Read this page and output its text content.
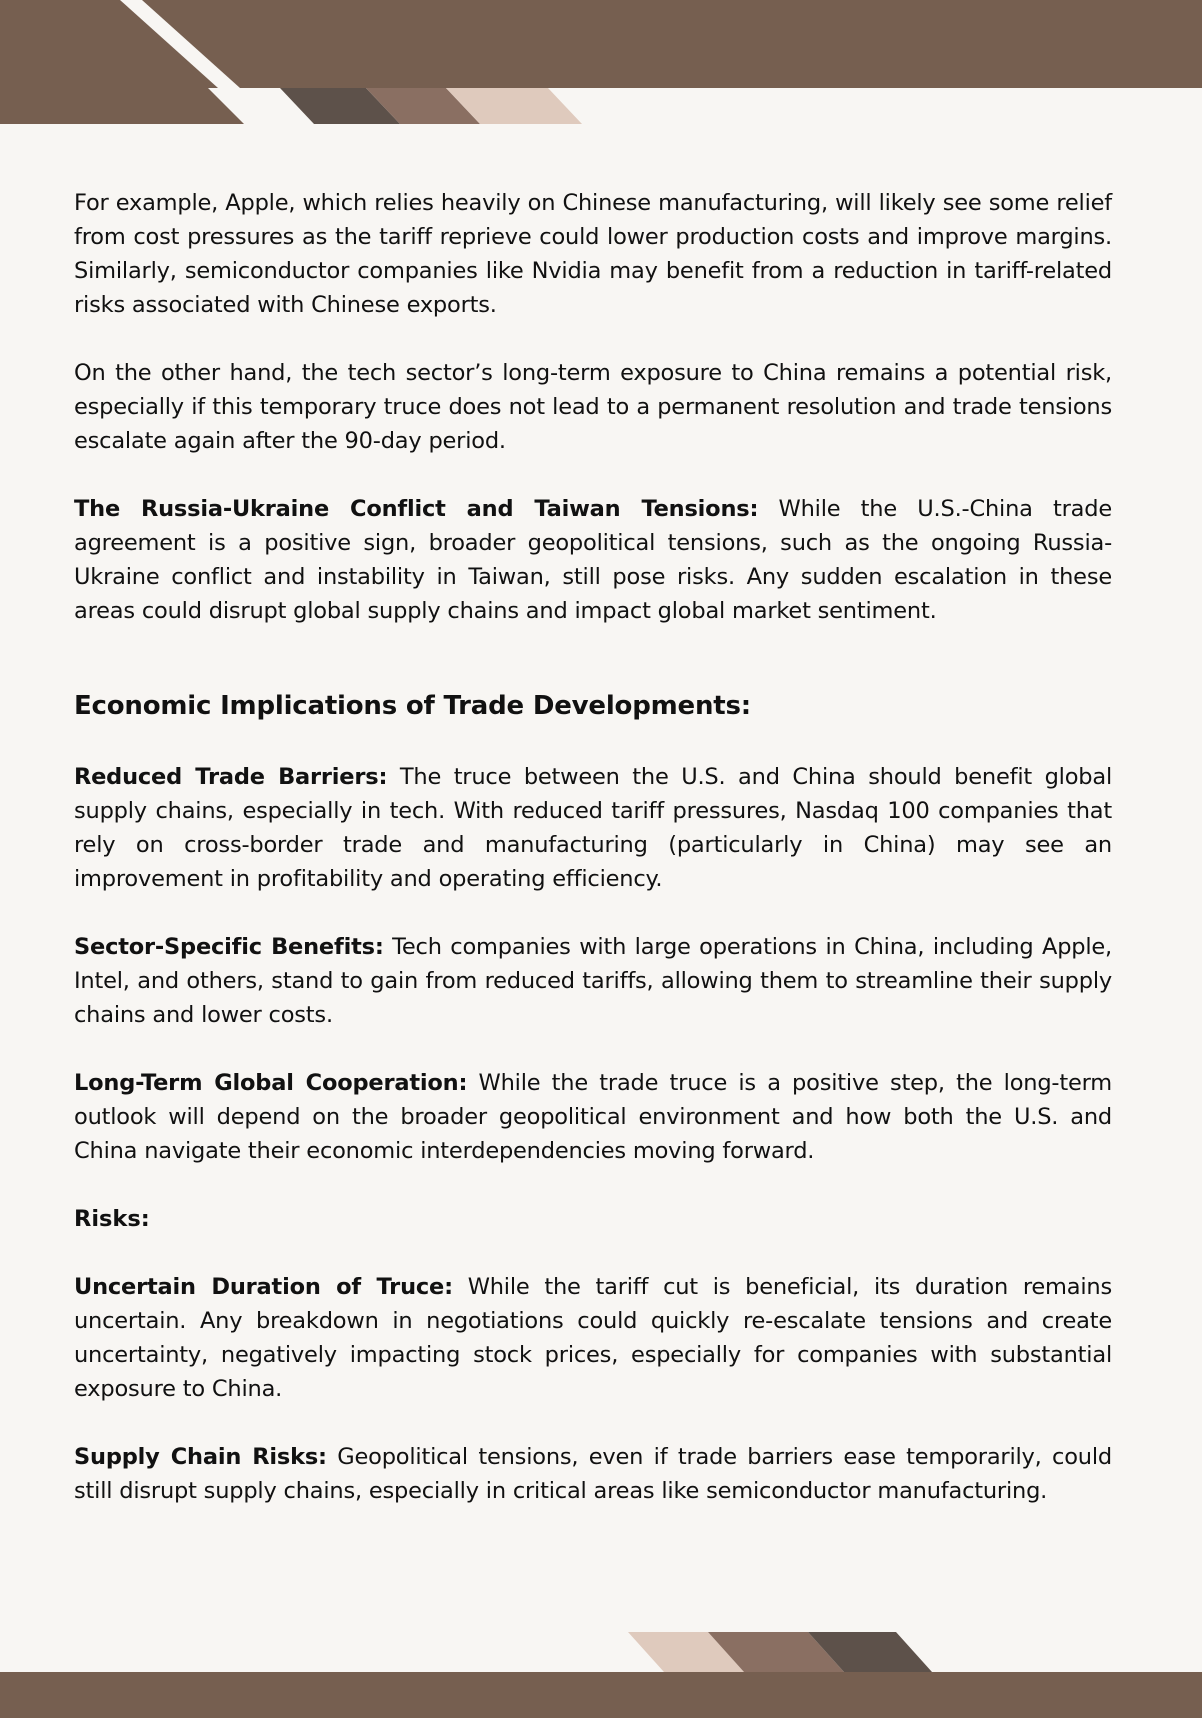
For example, Apple, which relies heavily on Chinese manufacturing, will likely see some relief from cost pressures as the tariff reprieve could lower production costs and improve margins. Similarly, semiconductor companies like Nvidia may benefit from a reduction in tariff-related risks associated with Chinese exports.

On the other hand, the tech sector’s long-term exposure to China remains a potential risk, especially if this temporary truce does not lead to a permanent resolution and trade tensions escalate again after the 90-day period.

The Russia-Ukraine Conflict and Taiwan Tensions: While the U.S.-China trade agreement is a positive sign, broader geopolitical tensions, such as the ongoing Russia-Ukraine conflict and instability in Taiwan, still pose risks. Any sudden escalation in these areas could disrupt global supply chains and impact global market sentiment.

Economic Implications of Trade Developments:

Reduced Trade Barriers: The truce between the U.S. and China should benefit global supply chains, especially in tech. With reduced tariff pressures, Nasdaq 100 companies that rely on cross-border trade and manufacturing (particularly in China) may see an improvement in profitability and operating efficiency.

Sector-Specific Benefits: Tech companies with large operations in China, including Apple, Intel, and others, stand to gain from reduced tariffs, allowing them to streamline their supply chains and lower costs.

Long-Term Global Cooperation: While the trade truce is a positive step, the long-term outlook will depend on the broader geopolitical environment and how both the U.S. and China navigate their economic interdependencies moving forward.

Risks:

Uncertain Duration of Truce: While the tariff cut is beneficial, its duration remains uncertain. Any breakdown in negotiations could quickly re-escalate tensions and create uncertainty, negatively impacting stock prices, especially for companies with substantial exposure to China.

Supply Chain Risks: Geopolitical tensions, even if trade barriers ease temporarily, could still disrupt supply chains, especially in critical areas like semiconductor manufacturing.
